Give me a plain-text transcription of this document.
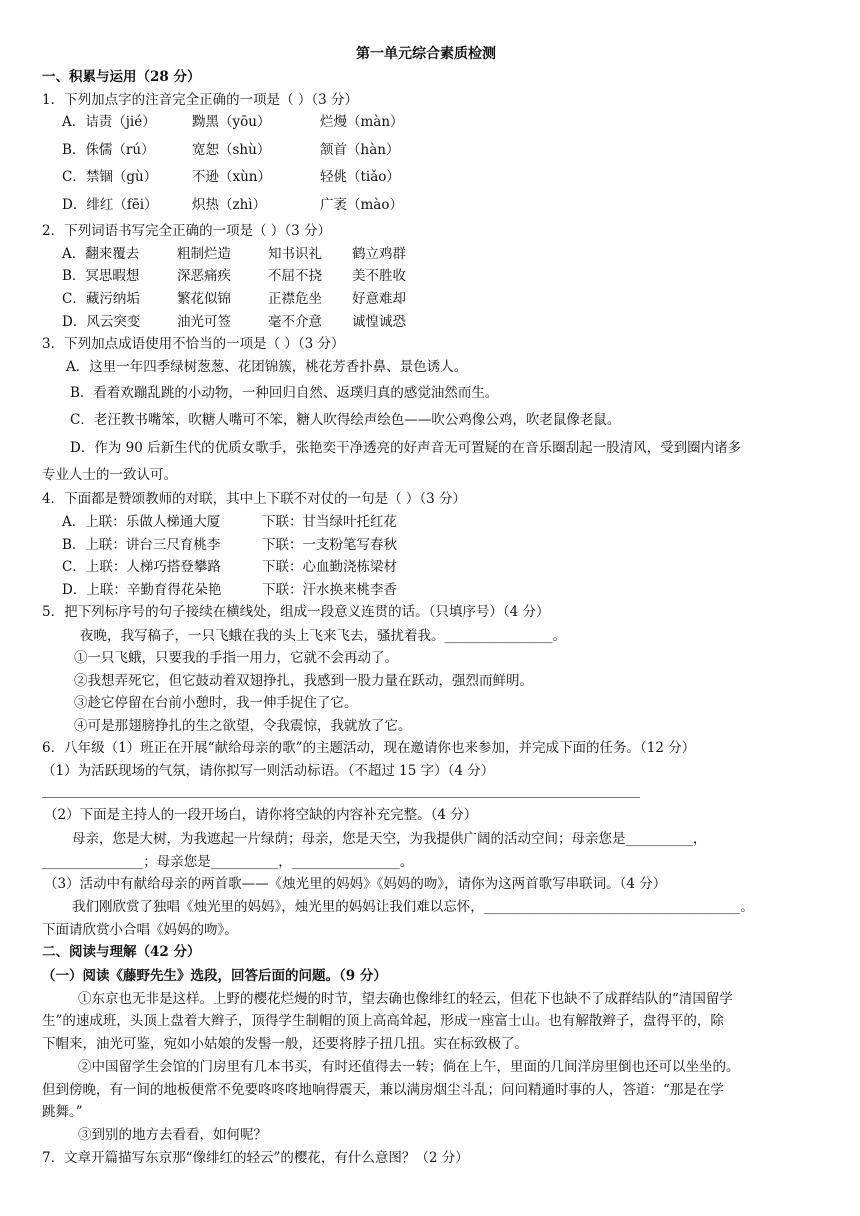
第一单元综合素质检测
一、积累与运用（28 分）
1．下列加点字的注音完全正确的一项是（ ）（3 分）
A．诘责（jié）	黝黑（yōu）	烂熳（màn）
B．侏儒（rú）	宽恕（shù）	颔首（hàn）
C．禁锢（gù）	不逊（xùn）	轻佻（tiǎo）
D．绯红（fēi）	炽热（zhì）	广袤（mào）
2．下列词语书写完全正确的一项是（ ）（3 分）
A．翻来覆去	粗制烂造	知书识礼 鹤立鸡群
B．冥思暇想	深恶痛疾	不屈不挠 美不胜收
C．藏污纳垢	繁花似锦	正襟危坐 好意难却
D．风云突变	油光可签	毫不介意 诚惶诚恐
3．下列加点成语使用不恰当的一项是（ ）（3 分）
A．这里一年四季绿树葱葱、花团锦簇，桃花芳香扑鼻、景色诱人。
B．看着欢蹦乱跳的小动物，一种回归自然、返璞归真的感觉油然而生。
C．老汪教书嘴笨，吹糖人嘴可不笨，糖人吹得绘声绘色——吹公鸡像公鸡，吹老鼠像老鼠。
D．作为 90 后新生代的优质女歌手，张艳奕干净透亮的好声音无可置疑的在音乐圈刮起一股清风，受到圈内诸多
专业人士的一致认可。
4．下面都是赞颂教师的对联，其中上下联不对仗的一句是（ ）（3 分）
A．上联：乐做人梯通大厦	下联：甘当绿叶托红花
B．上联：讲台三尺育桃李	下联：一支粉笔写春秋
C．上联：人梯巧搭登攀路	下联：心血勤浇栋梁材
D．上联：辛勤育得花朵艳	下联：汗水换来桃李香
5．把下列标序号的句子接续在横线处，组成一段意义连贯的话。（只填序号）（4 分）
夜晚，我写稿子，一只飞蛾在我的头上飞来飞去，骚扰着我。________________。
①一只飞蛾，只要我的手指一用力，它就不会再动了。
②我想弄死它，但它鼓动着双翅挣扎，我感到一股力量在跃动，强烈而鲜明。
③趁它停留在台前小憩时，我一伸手捉住了它。
④可是那翅膀挣扎的生之欲望，令我震惊，我就放了它。
6．八年级（1）班正在开展“献给母亲的歌”的主题活动，现在邀请你也来参加，并完成下面的任务。（12 分）
（1）为活跃现场的气氛，请你拟写一则活动标语。（不超过 15 字）（4 分）
（2）下面是主持人的一段开场白，请你将空缺的内容补充完整。（4 分）
母亲，您是大树，为我遮起一片绿荫；母亲，您是天空，为我提供广阔的活动空间；母亲您是__________，
_______________；母亲您是__________，________________。
（3）活动中有献给母亲的两首歌——《烛光里的妈妈》《妈妈的吻》，请你为这两首歌写串联词。（4 分）
我们刚欣赏了独唱《烛光里的妈妈》，烛光里的妈妈让我们难以忘怀，______________________________________。
下面请欣赏小合唱《妈妈的吻》。
二、阅读与理解（42 分）
（一）阅读《藤野先生》选段，回答后面的问题。（9 分）
①东京也无非是这样。上野的樱花烂熳的时节，望去确也像绯红的轻云，但花下也缺不了成群结队的“清国留学
生”的速成班，头顶上盘着大辫子，顶得学生制帽的顶上高高耸起，形成一座富士山。也有解散辫子，盘得平的，除
下帽来，油光可鉴，宛如小姑娘的发髻一般，还要将脖子扭几扭。实在标致极了。
②中国留学生会馆的门房里有几本书买，有时还值得去一转；倘在上午，里面的几间洋房里倒也还可以坐坐的。
但到傍晚，有一间的地板便常不免要咚咚咚地响得震天，兼以满房烟尘斗乱；问问精通时事的人，答道：“那是在学
跳舞。”
③到别的地方去看看，如何呢？
7．文章开篇描写东京那“像绯红的轻云”的樱花，有什么意图？（2 分）
